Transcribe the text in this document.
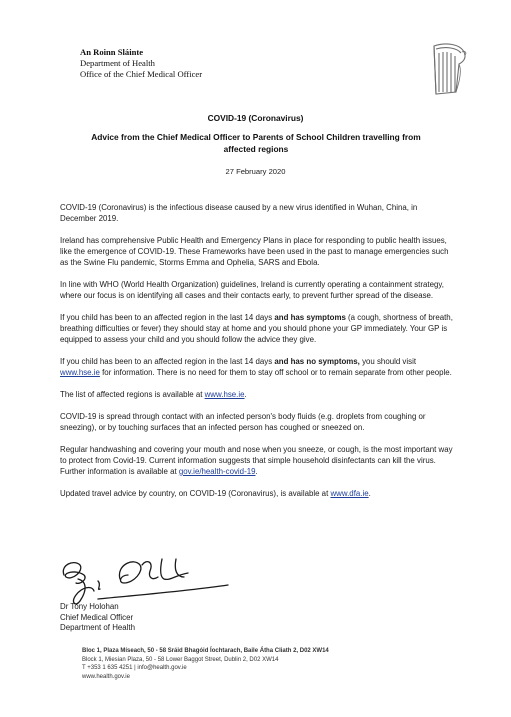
An Roinn Sláinte
Department of Health
Office of the Chief Medical Officer
COVID-19 (Coronavirus)
Advice from the Chief Medical Officer to Parents of School Children travelling from
affected regions
27 February 2020

COVID-19 (Coronavirus) is the infectious disease caused by a new virus identified in Wuhan, China, in December 2019.

Ireland has comprehensive Public Health and Emergency Plans in place for responding to public health issues, like the emergence of COVID-19. These Frameworks have been used in the past to manage emergencies such as the Swine Flu pandemic, Storms Emma and Ophelia, SARS and Ebola.

In line with WHO (World Health Organization) guidelines, Ireland is currently operating a containment strategy, where our focus is on identifying all cases and their contacts early, to prevent further spread of the disease.

If you child has been to an affected region in the last 14 days and has symptoms (a cough, shortness of breath, breathing difficulties or fever) they should stay at home and you should phone your GP immediately. Your GP is equipped to assess your child and you should follow the advice they give.

If you child has been to an affected region in the last 14 days and has no symptoms, you should visit www.hse.ie for information. There is no need for them to stay off school or to remain separate from other people.

The list of affected regions is available at www.hse.ie.

COVID-19 is spread through contact with an infected person's body fluids (e.g. droplets from coughing or sneezing), or by touching surfaces that an infected person has coughed or sneezed on.

Regular handwashing and covering your mouth and nose when you sneeze, or cough, is the most important way to protect from Covid-19. Current information suggests that simple household disinfectants can kill the virus. Further information is available at gov.ie/health-covid-19.

Updated travel advice by country, on COVID-19 (Coronavirus), is available at www.dfa.ie.

Dr Tony Holohan
Chief Medical Officer
Department of Health
Bloc 1, Plaza Míseach, 50 - 58 Sráid Bhagóid Íochtarach, Baile Átha Cliath 2, D02 XW14
Block 1, Miesian Plaza, 50 - 58 Lower Baggot Street, Dublin 2, D02 XW14
T +353 1 635 4251 | info@health.gov.ie
www.health.gov.ie
